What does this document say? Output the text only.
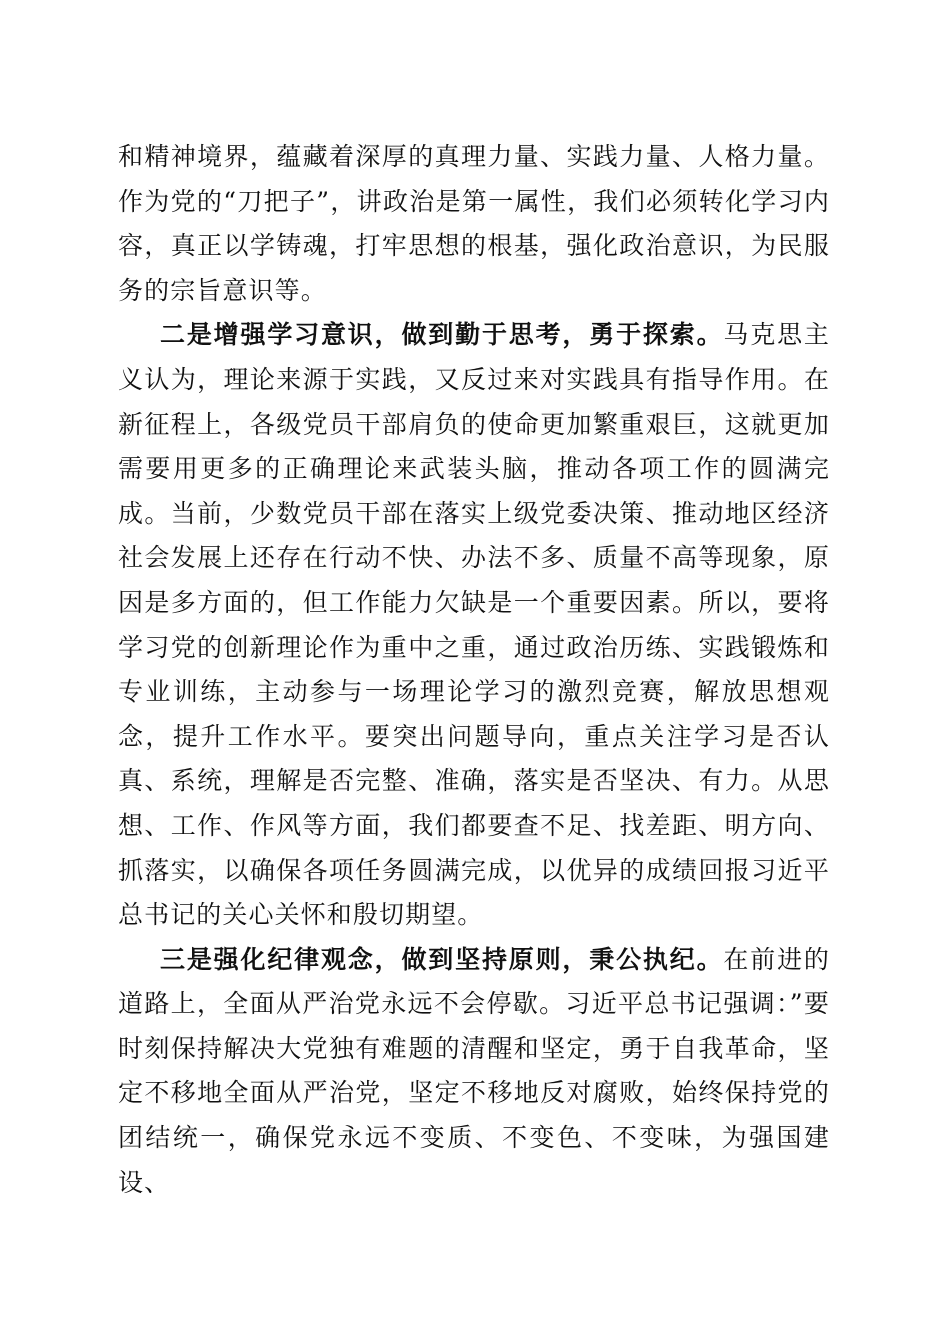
和精神境界，蕴藏着深厚的真理力量、实践力量、人格力量。作为党的“刀把子”，讲政治是第一属性，我们必须转化学习内容，真正以学铸魂，打牢思想的根基，强化政治意识，为民服务的宗旨意识等。

二是增强学习意识，做到勤于思考，勇于探索。马克思主义认为，理论来源于实践，又反过来对实践具有指导作用。在新征程上，各级党员干部肩负的使命更加繁重艰巨，这就更加需要用更多的正确理论来武装头脑，推动各项工作的圆满完成。当前，少数党员干部在落实上级党委决策、推动地区经济社会发展上还存在行动不快、办法不多、质量不高等现象，原因是多方面的，但工作能力欠缺是一个重要因素。所以，要将学习党的创新理论作为重中之重，通过政治历练、实践锻炼和专业训练，主动参与一场理论学习的激烈竞赛，解放思想观念，提升工作水平。要突出问题导向，重点关注学习是否认真、系统，理解是否完整、准确，落实是否坚决、有力。从思想、工作、作风等方面，我们都要查不足、找差距、明方向、抓落实，以确保各项任务圆满完成，以优异的成绩回报习近平总书记的关心关怀和殷切期望。

三是强化纪律观念，做到坚持原则，秉公执纪。在前进的道路上，全面从严治党永远不会停歇。习近平总书记强调：”要时刻保持解决大党独有难题的清醒和坚定，勇于自我革命，坚定不移地全面从严治党，坚定不移地反对腐败，始终保持党的团结统一，确保党永远不变质、不变色、不变味，为强国建设、
